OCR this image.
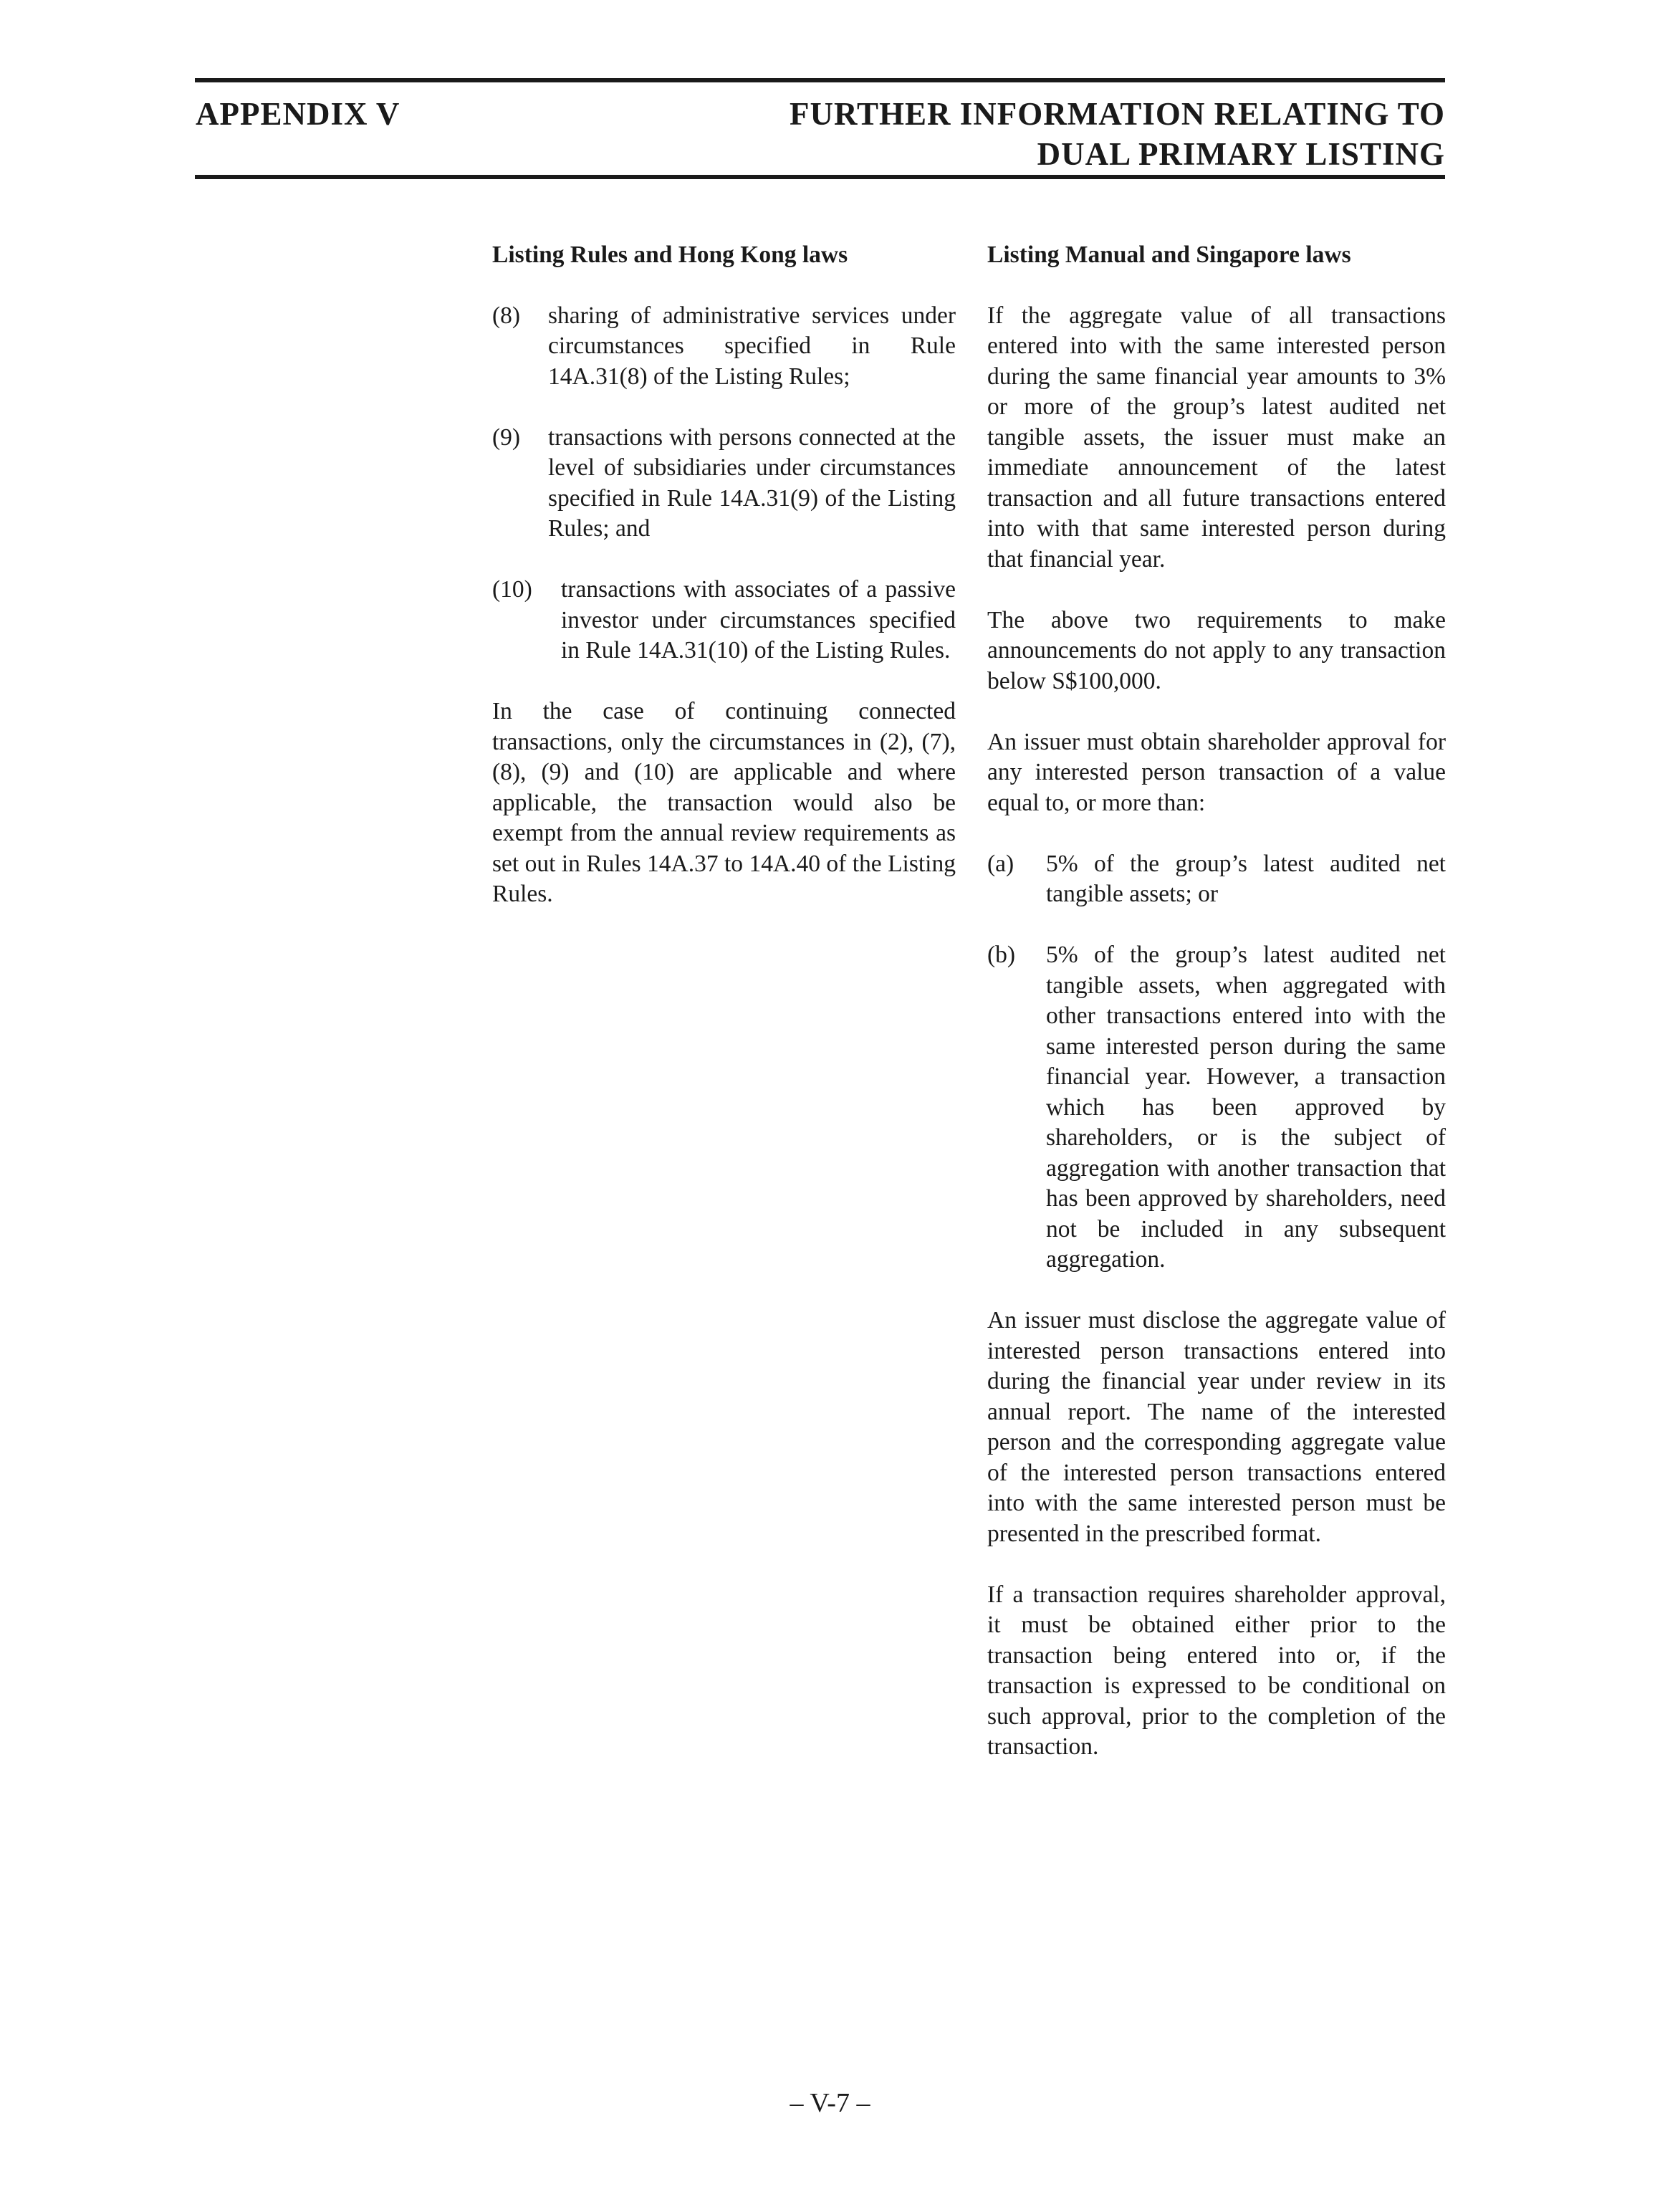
APPENDIX V	FURTHER INFORMATION RELATING TO
DUAL PRIMARY LISTING
Listing Rules and Hong Kong laws
(8)	sharing of administrative services under circumstances specified in Rule 14A.31(8) of the Listing Rules;
(9)	transactions with persons connected at the level of subsidiaries under circumstances specified in Rule 14A.31(9) of the Listing Rules; and
(10)	transactions with associates of a passive investor under circumstances specified in Rule 14A.31(10) of the Listing Rules.

In the case of continuing connected transactions, only the circumstances in (2), (7), (8), (9) and (10) are applicable and where applicable, the transaction would also be exempt from the annual review requirements as set out in Rules 14A.37 to 14A.40 of the Listing Rules.

Listing Manual and Singapore laws

If the aggregate value of all transactions entered into with the same interested person during the same financial year amounts to 3% or more of the group’s latest audited net tangible assets, the issuer must make an immediate announcement of the latest transaction and all future transactions entered into with that same interested person during that financial year.

The above two requirements to make announcements do not apply to any transaction below S$100,000.

An issuer must obtain shareholder approval for any interested person transaction of a value equal to, or more than:

(a)	5% of the group’s latest audited net tangible assets; or
(b)	5% of the group’s latest audited net tangible assets, when aggregated with other transactions entered into with the same interested person during the same financial year. However, a transaction which has been approved by shareholders, or is the subject of aggregation with another transaction that has been approved by shareholders, need not be included in any subsequent aggregation.

An issuer must disclose the aggregate value of interested person transactions entered into during the financial year under review in its annual report. The name of the interested person and the corresponding aggregate value of the interested person transactions entered into with the same interested person must be presented in the prescribed format.

If a transaction requires shareholder approval, it must be obtained either prior to the transaction being entered into or, if the transaction is expressed to be conditional on such approval, prior to the completion of the transaction.

– V-7 –
